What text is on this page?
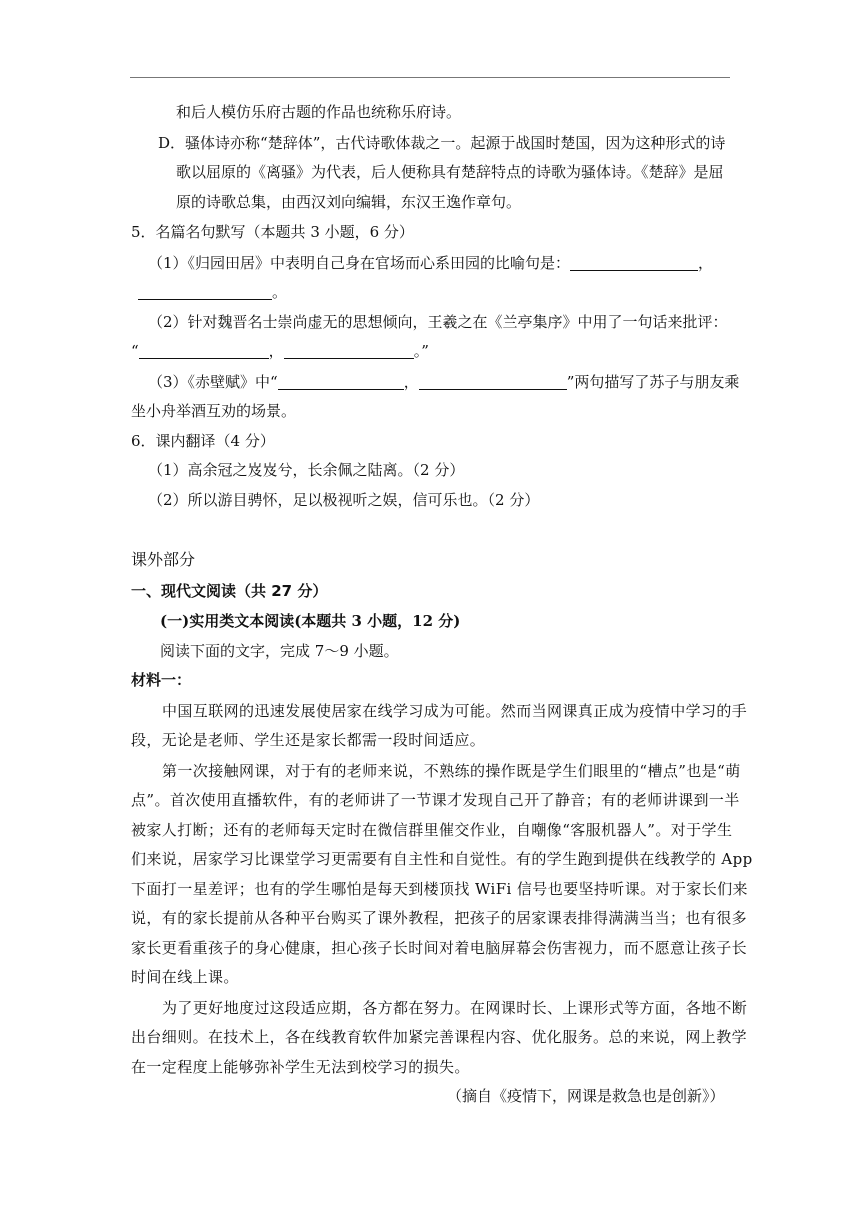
和后人模仿乐府古题的作品也统称乐府诗。
D．骚体诗亦称“楚辞体”，古代诗歌体裁之一。起源于战国时楚国，因为这种形式的诗
歌以屈原的《离骚》为代表，后人便称具有楚辞特点的诗歌为骚体诗。《楚辞》是屈
原的诗歌总集，由西汉刘向编辑，东汉王逸作章句。
5．名篇名句默写（本题共 3 小题，6 分）
（1）《归园田居》中表明自己身在官场而心系田园的比喻句是：	，
。
（2）针对魏晋名士崇尚虚无的思想倾向，王羲之在《兰亭集序》中用了一句话来批评：
“	，	。”
（3）《赤壁赋》中“	，	”两句描写了苏子与朋友乘
坐小舟举酒互劝的场景。
6．课内翻译（4 分）
（1）高余冠之岌岌兮，长余佩之陆离。（2 分）
（2）所以游目骋怀，足以极视听之娱，信可乐也。（2 分）
课外部分
一、现代文阅读（共 27 分）
(一)实用类文本阅读(本题共 3 小题，12 分)
阅读下面的文字，完成 7～9 小题。
材料一：
中国互联网的迅速发展使居家在线学习成为可能。然而当网课真正成为疫情中学习的手
段，无论是老师、学生还是家长都需一段时间适应。
第一次接触网课，对于有的老师来说，不熟练的操作既是学生们眼里的“槽点”也是“萌
点”。首次使用直播软件，有的老师讲了一节课才发现自己开了静音；有的老师讲课到一半
被家人打断；还有的老师每天定时在微信群里催交作业，自嘲像“客服机器人”。对于学生
们来说，居家学习比课堂学习更需要有自主性和自觉性。有的学生跑到提供在线教学的 App
下面打一星差评；也有的学生哪怕是每天到楼顶找 WiFi 信号也要坚持听课。对于家长们来
说，有的家长提前从各种平台购买了课外教程，把孩子的居家课表排得满满当当；也有很多
家长更看重孩子的身心健康，担心孩子长时间对着电脑屏幕会伤害视力，而不愿意让孩子长
时间在线上课。
为了更好地度过这段适应期，各方都在努力。在网课时长、上课形式等方面，各地不断
出台细则。在技术上，各在线教育软件加紧完善课程内容、优化服务。总的来说，网上教学
在一定程度上能够弥补学生无法到校学习的损失。
（摘自《疫情下，网课是救急也是创新》）
